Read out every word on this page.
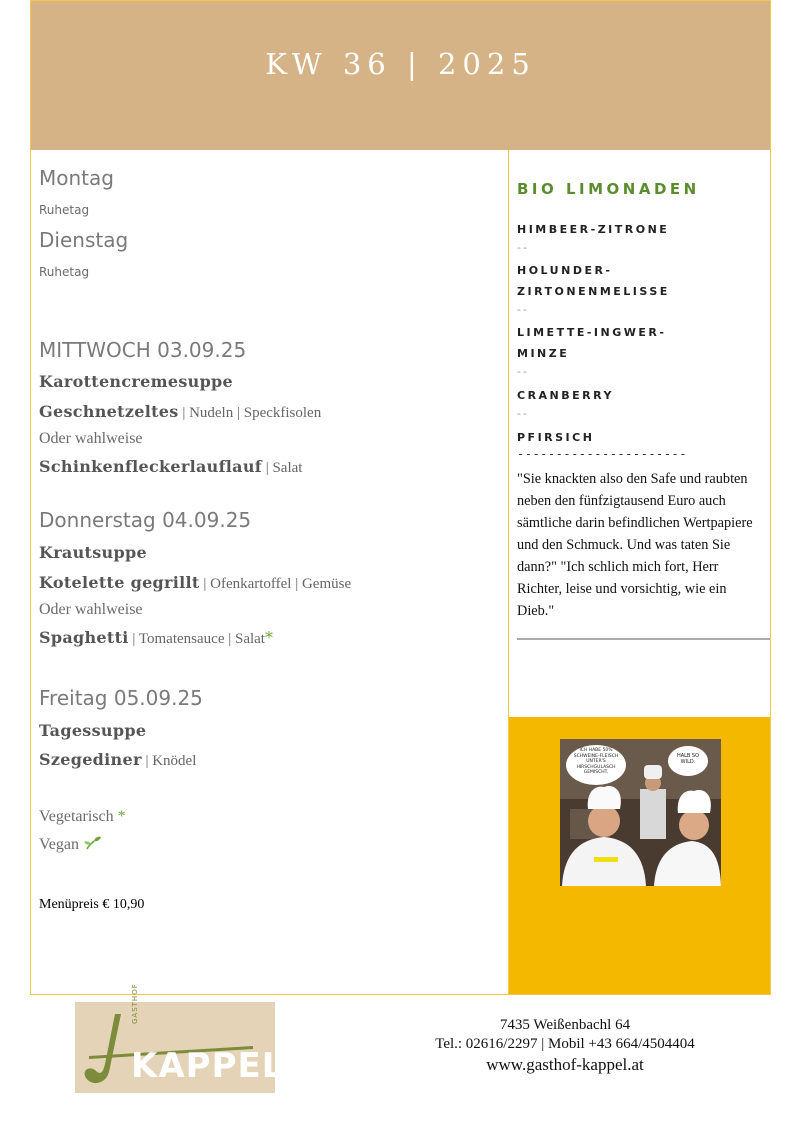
KW 36 | 2025
Montag
Ruhetag
Dienstag
Ruhetag
MITTWOCH 03.09.25
Karottencremesuppe
Geschnetzeltes | Nudeln | Speckfisolen
Oder wahlweise
Schinkenfleckerlauflauf | Salat
Donnerstag 04.09.25
Krautsuppe
Kotelette gegrillt | Ofenkartoffel | Gemüse
Oder wahlweise
Spaghetti | Tomatensauce | Salat*
Freitag 05.09.25
Tagessuppe
Szegediner | Knödel
Vegetarisch *
Vegan
Menüpreis € 10,90
BIO LIMONADEN
HIMBEER-ZITRONE
--
HOLUNDER-ZIRTONENMELISSE
--
LIMETTE-INGWER-MINZE
--
CRANBERRY
--
PFIRSICH
----------------------
"Sie knackten also den Safe und raubten neben den fünfzigtausend Euro auch sämtliche darin befindlichen Wertpapiere und den Schmuck. Und was taten Sie dann?" "Ich schlich mich fort, Herr Richter, leise und vorsichtig, wie ein Dieb."
ICH HABE 50% SCHWEINE-FLEISCH UNTER'S HIRSCHGULASCH GEMISCHT.
HALB SO WILD.
GASTHOF
KAPPEL
7435 Weißenbachl 64
Tel.: 02616/2297 | Mobil +43 664/4504404
www.gasthof-kappel.at
